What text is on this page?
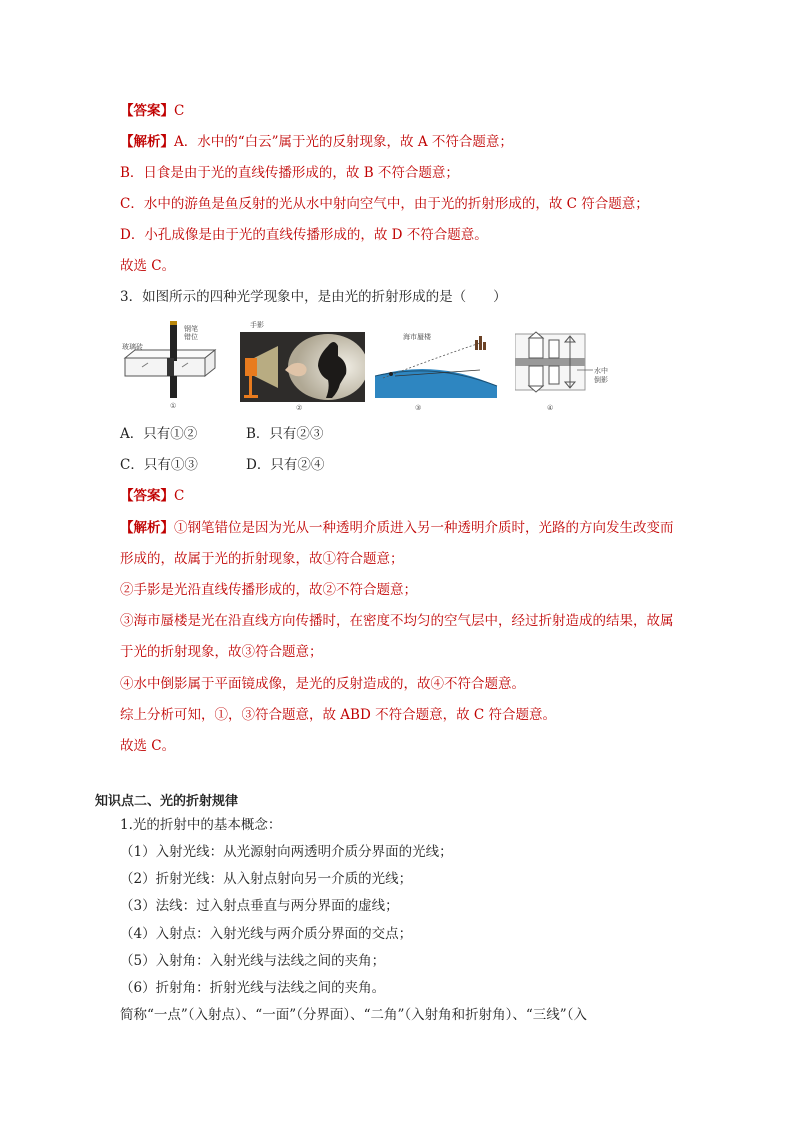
【答案】C
【解析】A．水中的“白云”属于光的反射现象，故 A 不符合题意；
B．日食是由于光的直线传播形成的，故 B 不符合题意；
C．水中的游鱼是鱼反射的光从水中射向空气中，由于光的折射形成的，故 C 符合题意；
D．小孔成像是由于光的直线传播形成的，故 D 不符合题意。
故选 C。
3．如图所示的四种光学现象中，是由光的折射形成的是（　　）
玻璃砖
钢笔
错位
①
手影
②
海市蜃楼
③
水中
倒影
④
A．只有①②	B．只有②③
C．只有①③	D．只有②④
【答案】C
【解析】①钢笔错位是因为光从一种透明介质进入另一种透明介质时，光路的方向发生改变而
形成的，故属于光的折射现象，故①符合题意；
②手影是光沿直线传播形成的，故②不符合题意；
③海市蜃楼是光在沿直线方向传播时，在密度不均匀的空气层中，经过折射造成的结果，故属
于光的折射现象，故③符合题意；
④水中倒影属于平面镜成像，是光的反射造成的，故④不符合题意。
综上分析可知，①，③符合题意，故 ABD 不符合题意，故 C 符合题意。
故选 C。
知识点二、光的折射规律
1.光的折射中的基本概念：
（1）入射光线：从光源射向两透明介质分界面的光线；
（2）折射光线：从入射点射向另一介质的光线；
（3）法线：过入射点垂直与两分界面的虚线；
（4）入射点：入射光线与两介质分界面的交点；
（5）入射角：入射光线与法线之间的夹角；
（6）折射角：折射光线与法线之间的夹角。
简称“一点”（入射点）、“一面”（分界面）、“二角”（入射角和折射角）、“三线”（入
